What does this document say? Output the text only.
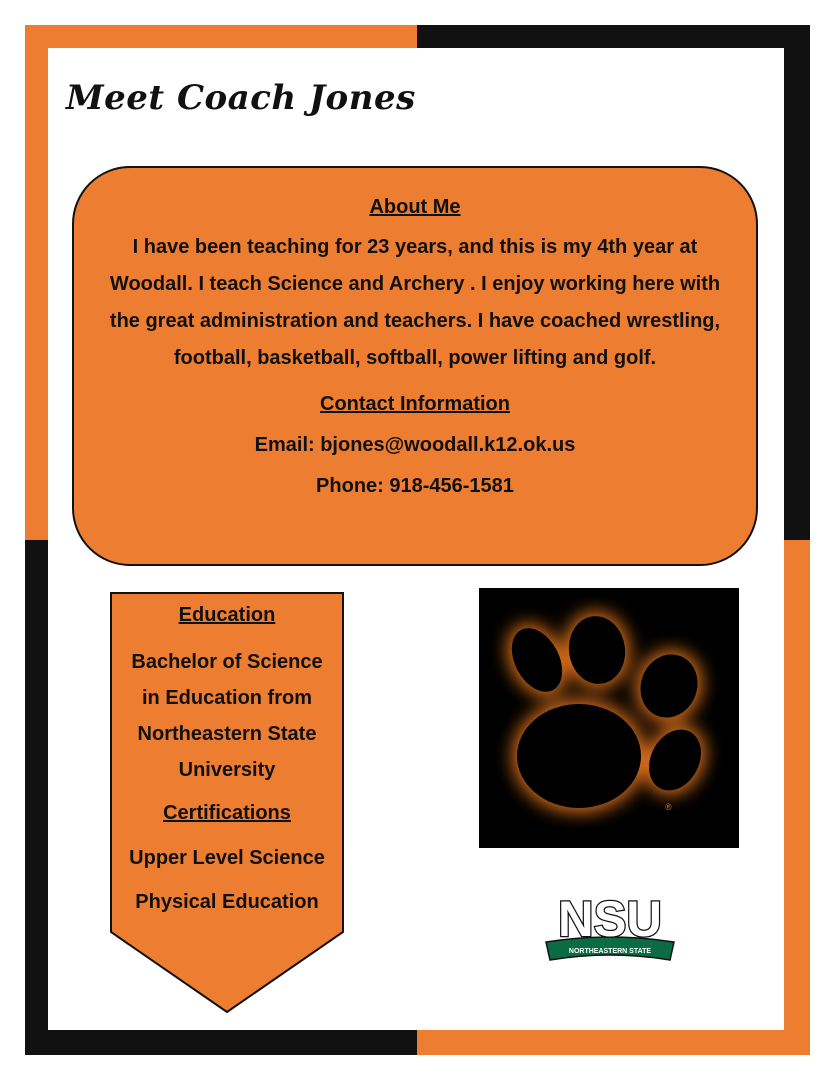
Meet Coach Jones
About Me
I have been teaching for 23 years, and this is my 4th year at Woodall. I teach Science and Archery . I enjoy working here with the great administration and teachers. I have coached wrestling, football, basketball, softball, power lifting and golf.
Contact Information
Email: bjones@woodall.k12.ok.us
Phone: 918-456-1581
Education
Bachelor of Science
in Education from
Northeastern State
University
Certifications
Upper Level Science
Physical Education
®
NORTHEASTERN STATE
NSU
